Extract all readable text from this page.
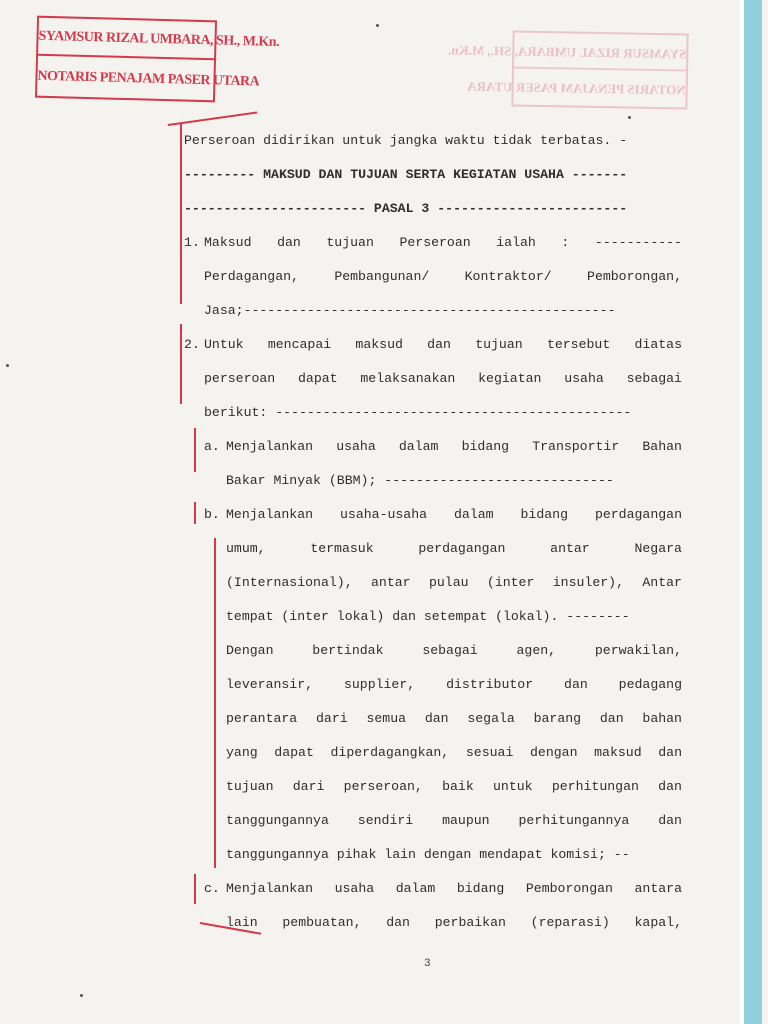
SYAMSUR RIZAL UMBARA, SH., M.Kn.
NOTARIS PENAJAM PASER UTARA
SYAMSUR RIZAL UMBARA, SH., M.Kn.
NOTARIS PENAJAM PASER UTARA
Perseroan didirikan untuk jangka waktu tidak terbatas. -
--------- MAKSUD DAN TUJUAN SERTA KEGIATAN USAHA -------
----------------------- PASAL 3 ------------------------
1. Maksud dan tujuan Perseroan ialah : -----------
Perdagangan,	Pembangunan/	Kontraktor/	Pemborongan,
Jasa;-----------------------------------------------
2. Untuk mencapai maksud dan tujuan tersebut diatas
perseroan dapat melaksanakan kegiatan usaha sebagai
berikut: ---------------------------------------------
a. Menjalankan usaha dalam bidang Transportir Bahan
Bakar Minyak (BBM); -----------------------------
b. Menjalankan usaha-usaha dalam bidang perdagangan
umum,	termasuk	perdagangan	antar	Negara
(Internasional), antar pulau (inter insuler), Antar
tempat (inter lokal) dan setempat (lokal). --------
Dengan	bertindak	sebagai	agen,	perwakilan,
leveransir, supplier, distributor dan pedagang
perantara dari semua dan segala barang dan bahan
yang dapat diperdagangkan, sesuai dengan maksud dan
tujuan dari perseroan, baik untuk perhitungan dan
tanggungannya sendiri maupun perhitungannya dan
tanggungannya pihak lain dengan mendapat komisi; --
c. Menjalankan usaha dalam bidang Pemborongan antara
lain pembuatan, dan perbaikan (reparasi) kapal,
3
